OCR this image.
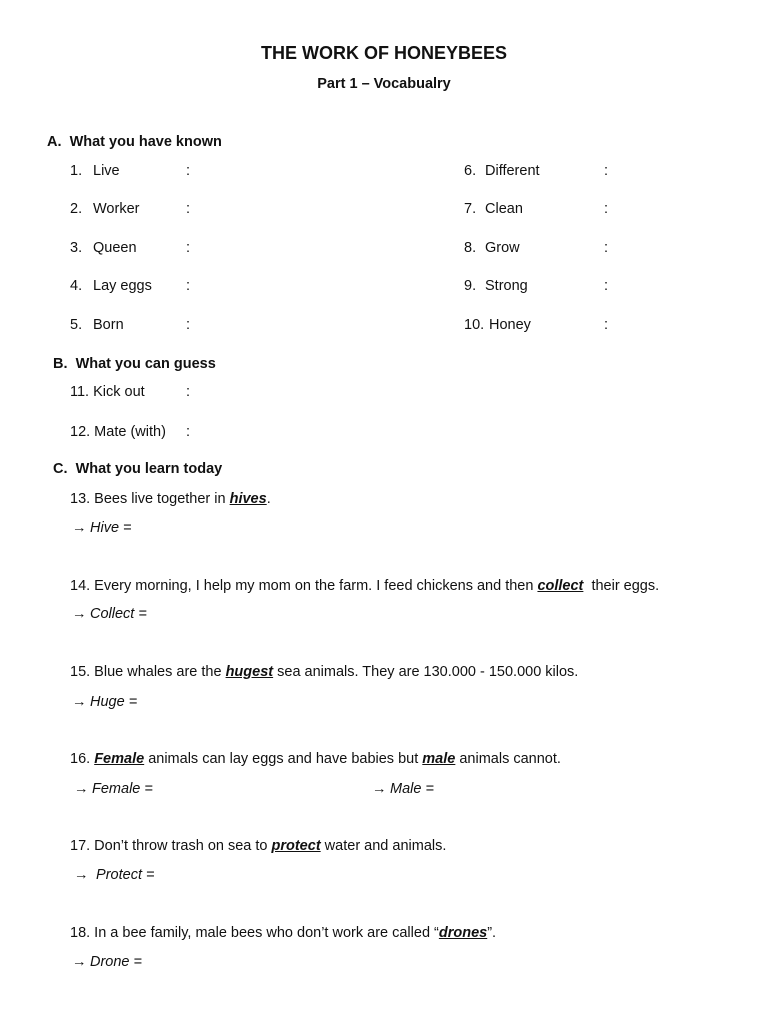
THE WORK OF HONEYBEES
Part 1 – Vocabualry
A. What you have known
1. Live	:
2. Worker	:
3. Queen	:
4. Lay eggs :
5. Born	:
6. Different	:
7. Clean	:
8. Grow	:
9. Strong	:
10. Honey	:
B. What you can guess
11. Kick out	:
12. Mate (with) :
C. What you learn today
13. Bees live together in hives.
→ Hive =
14. Every morning, I help my mom on the farm. I feed chickens and then collect  their eggs.
→ Collect =
15. Blue whales are the hugest sea animals. They are 130.000 - 150.000 kilos.
→ Huge =
16. Female animals can lay eggs and have babies but male animals cannot.
→ Female =	→ Male =
17. Don’t throw trash on sea to protect water and animals.
→ Protect =
18. In a bee family, male bees who don’t work are called “drones”.
→ Drone =
